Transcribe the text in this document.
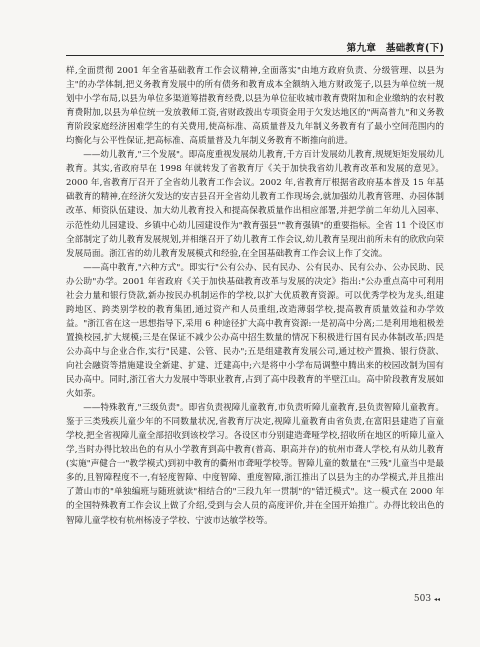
第九章　基础教育(下)

样,全面贯彻 2001 年全省基础教育工作会议精神,全面落实"由地方政府负责、分级管理、以县为主"的办学体制,把义务教育发展中的所有债务和教育成本全额纳入地方财政笼子,以县为单位统一规划中小学布局,以县为单位多渠道筹措教育经费,以县为单位征收城市教育费附加和企业缴纳的农村教育费附加,以县为单位统一发放教师工资,省财政拨出专项资金用于欠发达地区的"两高普九"和义务教育阶段家庭经济困难学生的有关费用,使高标准、高质量普及九年制义务教育有了最小空间范围内的均衡化与公平性保证,把高标准、高质量普及九年制义务教育不断推向前进。

——幼儿教育,"三个发展"。即高度重视发展幼儿教育,千方百计发展幼儿教育,规规矩矩发展幼儿教育。其实,省政府早在 1998 年就转发了省教育厅《关于加快我省幼儿教育改革和发展的意见》。2000 年,省教育厅召开了全省幼儿教育工作会议。2002 年,省教育厅根据省政府基本普及 15 年基础教育的精神,在经济欠发达的安吉县召开全省幼儿教育工作现场会,就加强幼儿教育管理、办园体制改革、师资队伍建设、加大幼儿教育投入和提高保教质量作出相应部署,并把学前二年幼儿入园率、示范性幼儿园建设、乡镇中心幼儿园建设作为"教育强县""教育强镇"的重要指标。全省 11 个设区市全部制定了幼儿教育发展规划,并相继召开了幼儿教育工作会议,幼儿教育呈现出前所未有的欣欣向荣发展局面。浙江省的幼儿教育发展模式和经验,在全国基础教育工作会议上作了交流。

——高中教育,"六种方式"。即实行"公有公办、民有民办、公有民办、民有公办、公办民助、民办公助"办学。2001 年省政府《关于加快基础教育改革与发展的决定》指出:"公办重点高中可利用社会力量和银行贷款,新办按民办机制运作的学校,以扩大优质教育资源。可以优秀学校为龙头,组建跨地区、跨类别学校的教育集团,通过资产和人员重组,改造薄弱学校,提高教育质量效益和办学效益。"浙江省在这一思想指导下,采用 6 种途径扩大高中教育资源:一是初高中分离;二是利用地租极差置换校园,扩大规模;三是在保证不减少公办高中招生数量的情况下积极进行国有民办体制改革;四是公办高中与企业合作,实行"民建、公管、民办";五是组建教育发展公司,通过校产置换、银行贷款、向社会融资等措施建设全新建、扩建、迁建高中;六是将中小学布局调整中腾出来的校园改制为国有民办高中。同时,浙江省大力发展中等职业教育,占到了高中段教育的半壁江山。高中阶段教育发展如火如荼。

——特殊教育,"三级负责"。即省负责视障儿童教育,市负责听障儿童教育,县负责智障儿童教育。鉴于三类残疾儿童少年的不同数量状况,省教育厅决定,视障儿童教育由省负责,在富阳县建造了盲童学校,把全省视障儿童全部招收到该校学习。各设区市分别建造聋哑学校,招收所在地区的听障儿童入学,当时办得比较出色的有从小学教育到高中教育(普高、职高并存)的杭州市聋人学校,有从幼儿教育(实施"声健合一"教学模式)到初中教育的衢州市聋哑学校等。智障儿童的数量在"三残"儿童当中是最多的,且智障程度不一,有轻度智障、中度智障、重度智障,浙江推出了以县为主的办学模式,并且推出了萧山市的"单独编班与随班就读"相结合的"三段九年一贯制"的"错迁模式"。这一模式在 2000 年的全国特殊教育工作会议上做了介绍,受到与会人员的高度评价,并在全国开始推广。办得比较出色的智障儿童学校有杭州杨凌子学校、宁波市达敏学校等。

503 ◂◂
